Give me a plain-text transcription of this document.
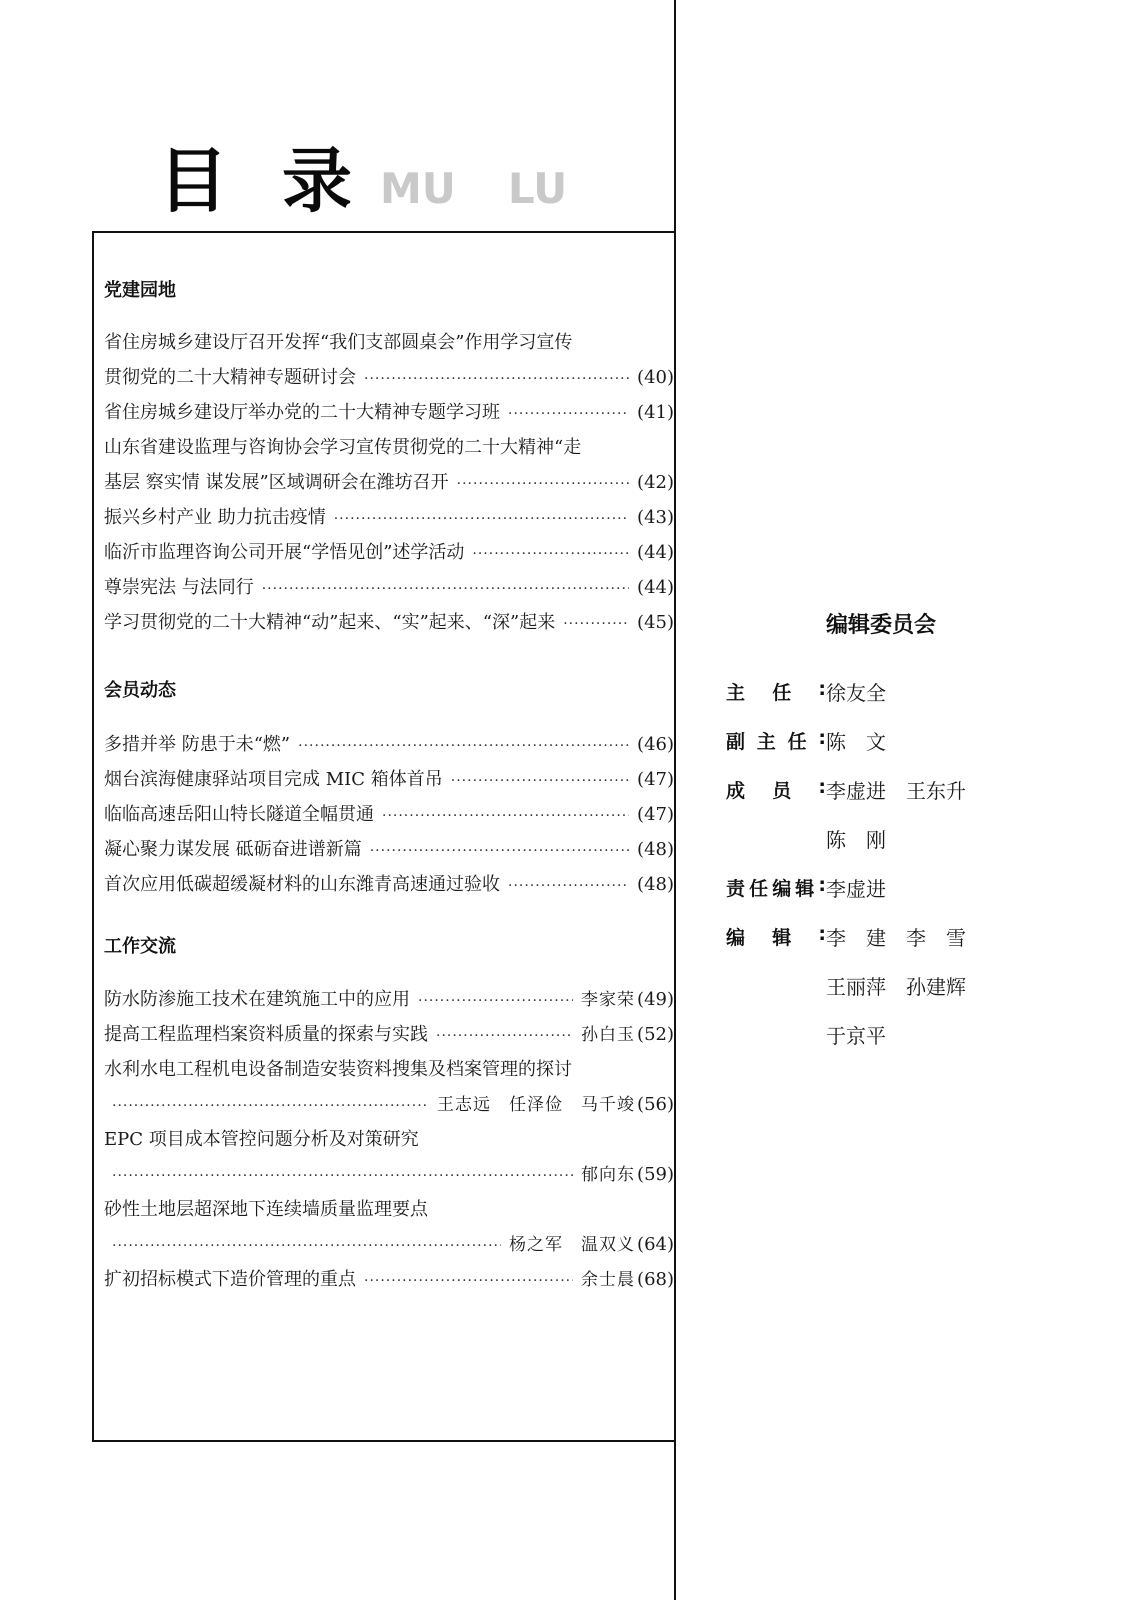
目 录 MU LU
党建园地
省住房城乡建设厅召开发挥“我们支部圆桌会”作用学习宣传
贯彻党的二十大精神专题研讨会 ·····	(40)
省住房城乡建设厅举办党的二十大精神专题学习班 ·····	(41)
山东省建设监理与咨询协会学习宣传贯彻党的二十大精神“走
基层 察实情 谋发展”区域调研会在潍坊召开 ·····	(42)
振兴乡村产业 助力抗击疫情 ·····	(43)
临沂市监理咨询公司开展“学悟见创”述学活动 ·····	(44)
尊崇宪法 与法同行 ·····	(44)
学习贯彻党的二十大精神“动”起来、“实”起来、“深”起来 ·····	(45)
会员动态
多措并举 防患于未“燃” ·····	(46)
烟台滨海健康驿站项目完成 MIC 箱体首吊 ·····	(47)
临临高速岳阳山特长隧道全幅贯通 ·····	(47)
凝心聚力谋发展 砥砺奋进谱新篇 ·····	(48)
首次应用低碳超缓凝材料的山东潍青高速通过验收 ·····	(48)
工作交流
防水防渗施工技术在建筑施工中的应用 ·····	李家荣 (49)
提高工程监理档案资料质量的探索与实践 ·····	孙白玉 (52)
水利水电工程机电设备制造安装资料搜集及档案管理的探讨
·····
王志远　任泽俭　马千竣 (56)
EPC 项目成本管控问题分析及对策研究
·····
郁向东 (59)
砂性土地层超深地下连续墙质量监理要点
·····
杨之军　温双义 (64)
扩初招标模式下造价管理的重点 ·····	余士晨 (68)
编辑委员会
主 任 : 徐友全
副 主 任 : 陈　文
成 员 : 李虚进　王东升
陈　刚
责 任 编 辑 : 李虚进
编 辑 : 李　建　李　雪
王丽萍　孙建辉
于京平
